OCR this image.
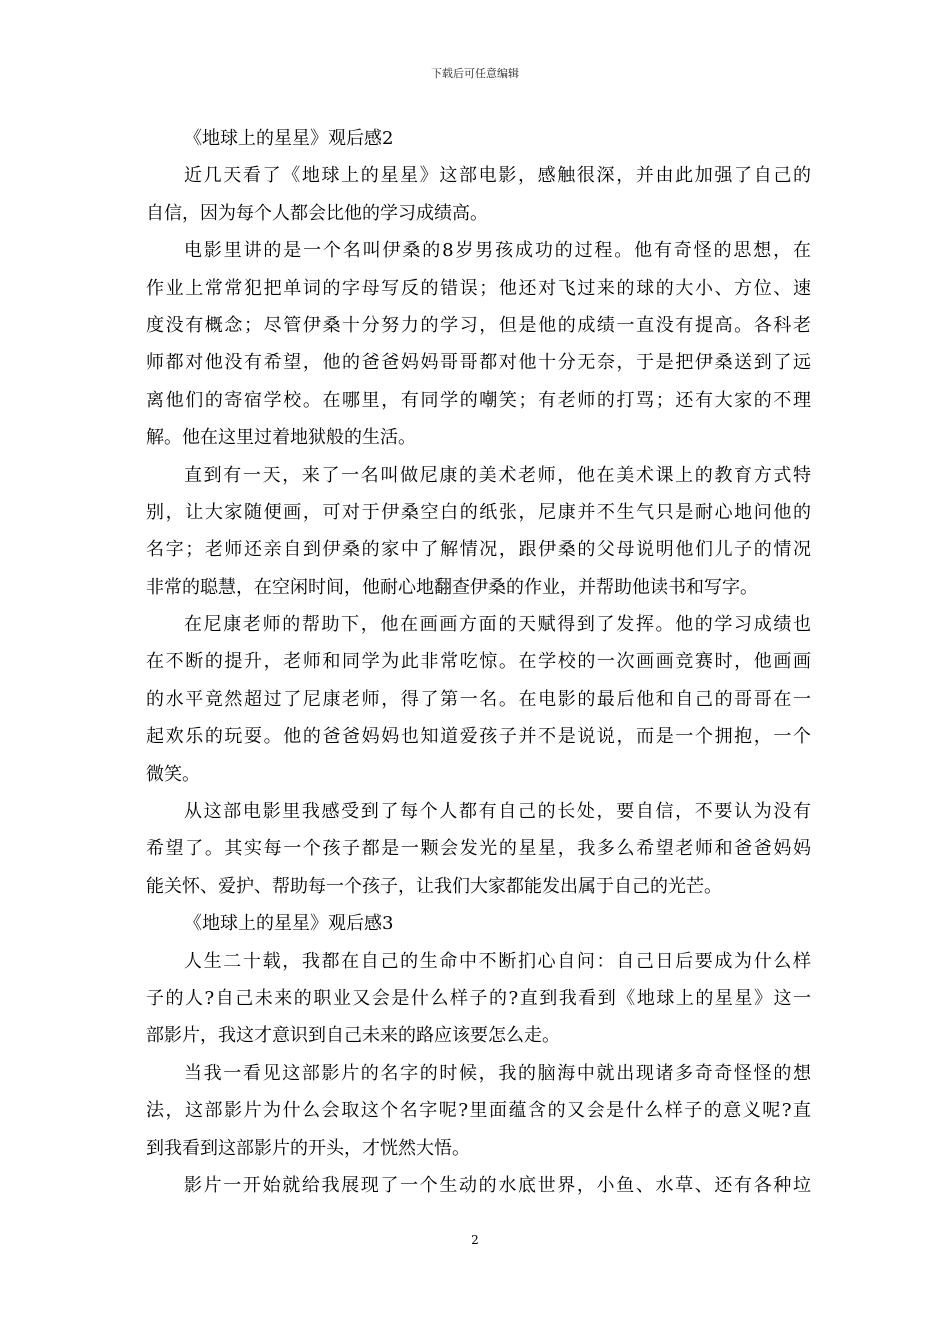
下载后可任意编辑
《地球上的星星》观后感2
近几天看了《地球上的星星》这部电影，感触很深，并由此加强了自己的
自信，因为每个人都会比他的学习成绩高。
电影里讲的是一个名叫伊桑的8岁男孩成功的过程。他有奇怪的思想，在
作业上常常犯把单词的字母写反的错误；他还对飞过来的球的大小、方位、速
度没有概念；尽管伊桑十分努力的学习，但是他的成绩一直没有提高。各科老
师都对他没有希望，他的爸爸妈妈哥哥都对他十分无奈，于是把伊桑送到了远
离他们的寄宿学校。在哪里，有同学的嘲笑；有老师的打骂；还有大家的不理
解。他在这里过着地狱般的生活。
直到有一天，来了一名叫做尼康的美术老师，他在美术课上的教育方式特
别，让大家随便画，可对于伊桑空白的纸张，尼康并不生气只是耐心地问他的
名字；老师还亲自到伊桑的家中了解情况，跟伊桑的父母说明他们儿子的情况
非常的聪慧，在空闲时间，他耐心地翻查伊桑的作业，并帮助他读书和写字。
在尼康老师的帮助下，他在画画方面的天赋得到了发挥。他的学习成绩也
在不断的提升，老师和同学为此非常吃惊。在学校的一次画画竞赛时，他画画
的水平竟然超过了尼康老师，得了第一名。在电影的最后他和自己的哥哥在一
起欢乐的玩耍。他的爸爸妈妈也知道爱孩子并不是说说，而是一个拥抱，一个
微笑。
从这部电影里我感受到了每个人都有自己的长处，要自信，不要认为没有
希望了。其实每一个孩子都是一颗会发光的星星，我多么希望老师和爸爸妈妈
能关怀、爱护、帮助每一个孩子，让我们大家都能发出属于自己的光芒。
《地球上的星星》观后感3
人生二十载，我都在自己的生命中不断扪心自问：自己日后要成为什么样
子的人?自己未来的职业又会是什么样子的?直到我看到《地球上的星星》这一
部影片，我这才意识到自己未来的路应该要怎么走。
当我一看见这部影片的名字的时候，我的脑海中就出现诸多奇奇怪怪的想
法，这部影片为什么会取这个名字呢?里面蕴含的又会是什么样子的意义呢?直
到我看到这部影片的开头，才恍然大悟。
影片一开始就给我展现了一个生动的水底世界，小鱼、水草、还有各种垃
2
